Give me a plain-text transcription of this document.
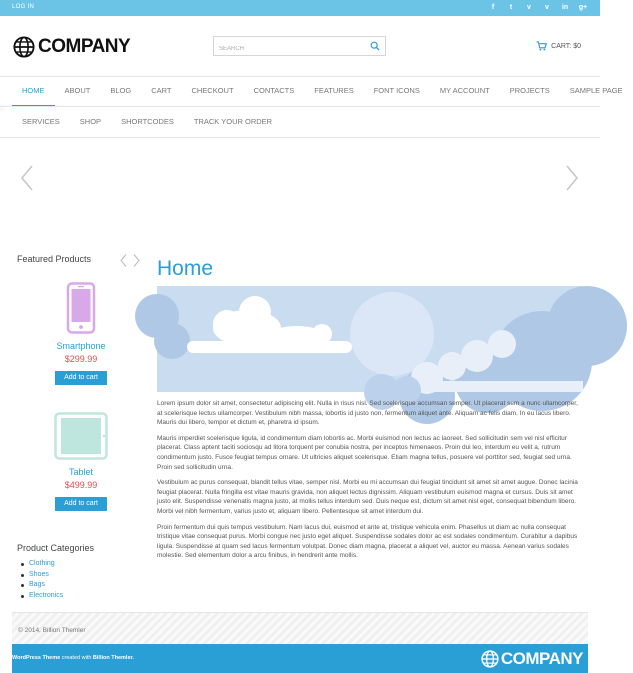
LOG IN	f	t	v	v	in	g+
COMPANY
SEARCH	CART: $0
HOME	ABOUT	BLOG	CART	CHECKOUT	CONTACTS	FEATURES	FONT ICONS	MY ACCOUNT	PROJECTS	SAMPLE PAGE
SERVICES	SHOP	SHORTCODES	TRACK YOUR ORDER
Featured Products
Smartphone
$299.99
Add to cart
Tablet
$499.99
Add to cart
Product Categories
Clothing
Shoes
Bags
Electronics
Home

Lorem ipsum dolor sit amet, consectetur adipiscing elit. Nulla in risus nisl. Sed scelerisque accumsan semper. Ut placerat sem a nunc ullamcorper, at scelerisque lectus ullamcorper. Vestibulum nibh massa, lobortis id justo non, fermentum aliquet ante. Aliquam ac felis diam. In eu lacus libero. Mauris dui libero, tempor et dictum et, pharetra id ipsum.

Mauris imperdiet scelerisque ligula, id condimentum diam lobortis ac. Morbi euismod non lectus ac laoreet. Sed sollicitudin sem vel nisl efficitur placerat. Class aptent taciti sociosqu ad litora torquent per conubia nostra, per inceptos himenaeos. Proin dui leo, interdum eu velit a, rutrum condimentum justo. Fusce feugiat tempus ornare. Ut ultricies aliquet scelerisque. Etiam magna tellus, posuere vel porttitor sed, feugiat sed urna. Proin sed sollicitudin urna.

Vestibulum ac purus consequat, blandit tellus vitae, semper nisl. Morbi eu mi accumsan dui feugiat tincidunt sit amet sit amet augue. Donec lacinia feugiat placerat. Nulla fringilla est vitae mauris gravida, non aliquet lectus dignissim. Aliquam vestibulum euismod magna et cursus. Duis sit amet justo elit. Suspendisse venenatis magna justo, at mollis tellus interdum sed. Duis neque est, dictum sit amet nisl eget, consequat bibendum libero. Morbi vel nibh fermentum, varius justo et, aliquam libero. Pellentesque sit amet interdum dui.

Proin fermentum dui quis tempus vestibulum. Nam lacus dui, euismod et ante at, tristique vehicula enim. Phasellus ut diam ac nulla consequat tristique vitae consequat purus. Morbi congue nec justo eget aliquet. Suspendisse sodales dolor ac est sodales condimentum. Curabitur a dapibus ligula. Suspendisse at quam sed lacus fermentum volutpat. Donec diam magna, placerat a aliquet vel, auctor eu massa. Aenean varius sodales molestie. Sed elementum dolor a arcu finibus, in hendrerit ante mollis.

© 2014, Billion Themler
WordPress Theme created with Billion Themler.	COMPANY
